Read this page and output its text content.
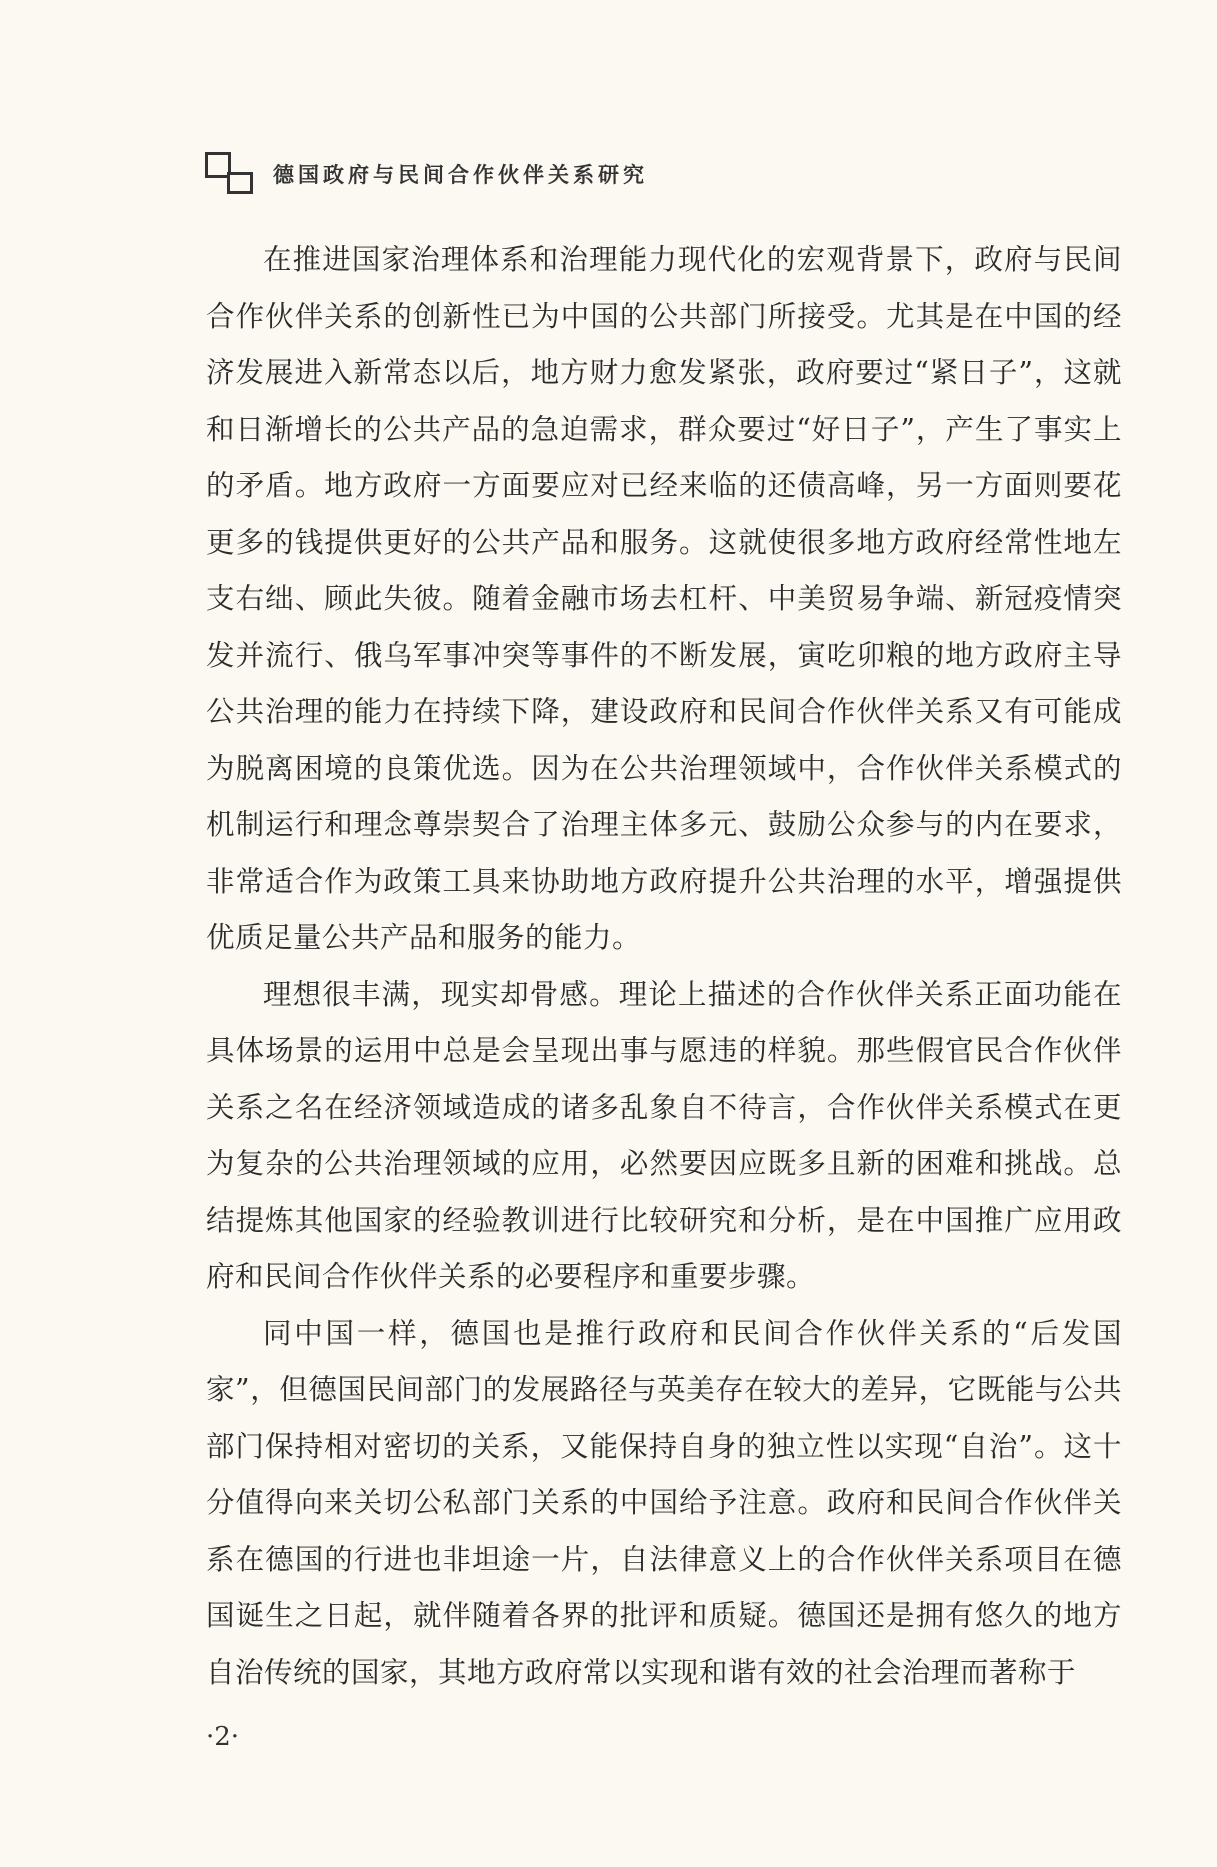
德国政府与民间合作伙伴关系研究

在推进国家治理体系和治理能力现代化的宏观背景下，政府与民间合作伙伴关系的创新性已为中国的公共部门所接受。尤其是在中国的经济发展进入新常态以后，地方财力愈发紧张，政府要过“紧日子”，这就和日渐增长的公共产品的急迫需求，群众要过“好日子”，产生了事实上的矛盾。地方政府一方面要应对已经来临的还债高峰，另一方面则要花更多的钱提供更好的公共产品和服务。这就使很多地方政府经常性地左支右绌、顾此失彼。随着金融市场去杠杆、中美贸易争端、新冠疫情突发并流行、俄乌军事冲突等事件的不断发展，寅吃卯粮的地方政府主导公共治理的能力在持续下降，建设政府和民间合作伙伴关系又有可能成为脱离困境的良策优选。因为在公共治理领域中，合作伙伴关系模式的机制运行和理念尊崇契合了治理主体多元、鼓励公众参与的内在要求，非常适合作为政策工具来协助地方政府提升公共治理的水平，增强提供优质足量公共产品和服务的能力。

理想很丰满，现实却骨感。理论上描述的合作伙伴关系正面功能在具体场景的运用中总是会呈现出事与愿违的样貌。那些假官民合作伙伴关系之名在经济领域造成的诸多乱象自不待言，合作伙伴关系模式在更为复杂的公共治理领域的应用，必然要因应既多且新的困难和挑战。总结提炼其他国家的经验教训进行比较研究和分析，是在中国推广应用政府和民间合作伙伴关系的必要程序和重要步骤。

同中国一样，德国也是推行政府和民间合作伙伴关系的“后发国家”，但德国民间部门的发展路径与英美存在较大的差异，它既能与公共部门保持相对密切的关系，又能保持自身的独立性以实现“自治”。这十分值得向来关切公私部门关系的中国给予注意。政府和民间合作伙伴关系在德国的行进也非坦途一片，自法律意义上的合作伙伴关系项目在德国诞生之日起，就伴随着各界的批评和质疑。德国还是拥有悠久的地方自治传统的国家，其地方政府常以实现和谐有效的社会治理而著称于

·2·
